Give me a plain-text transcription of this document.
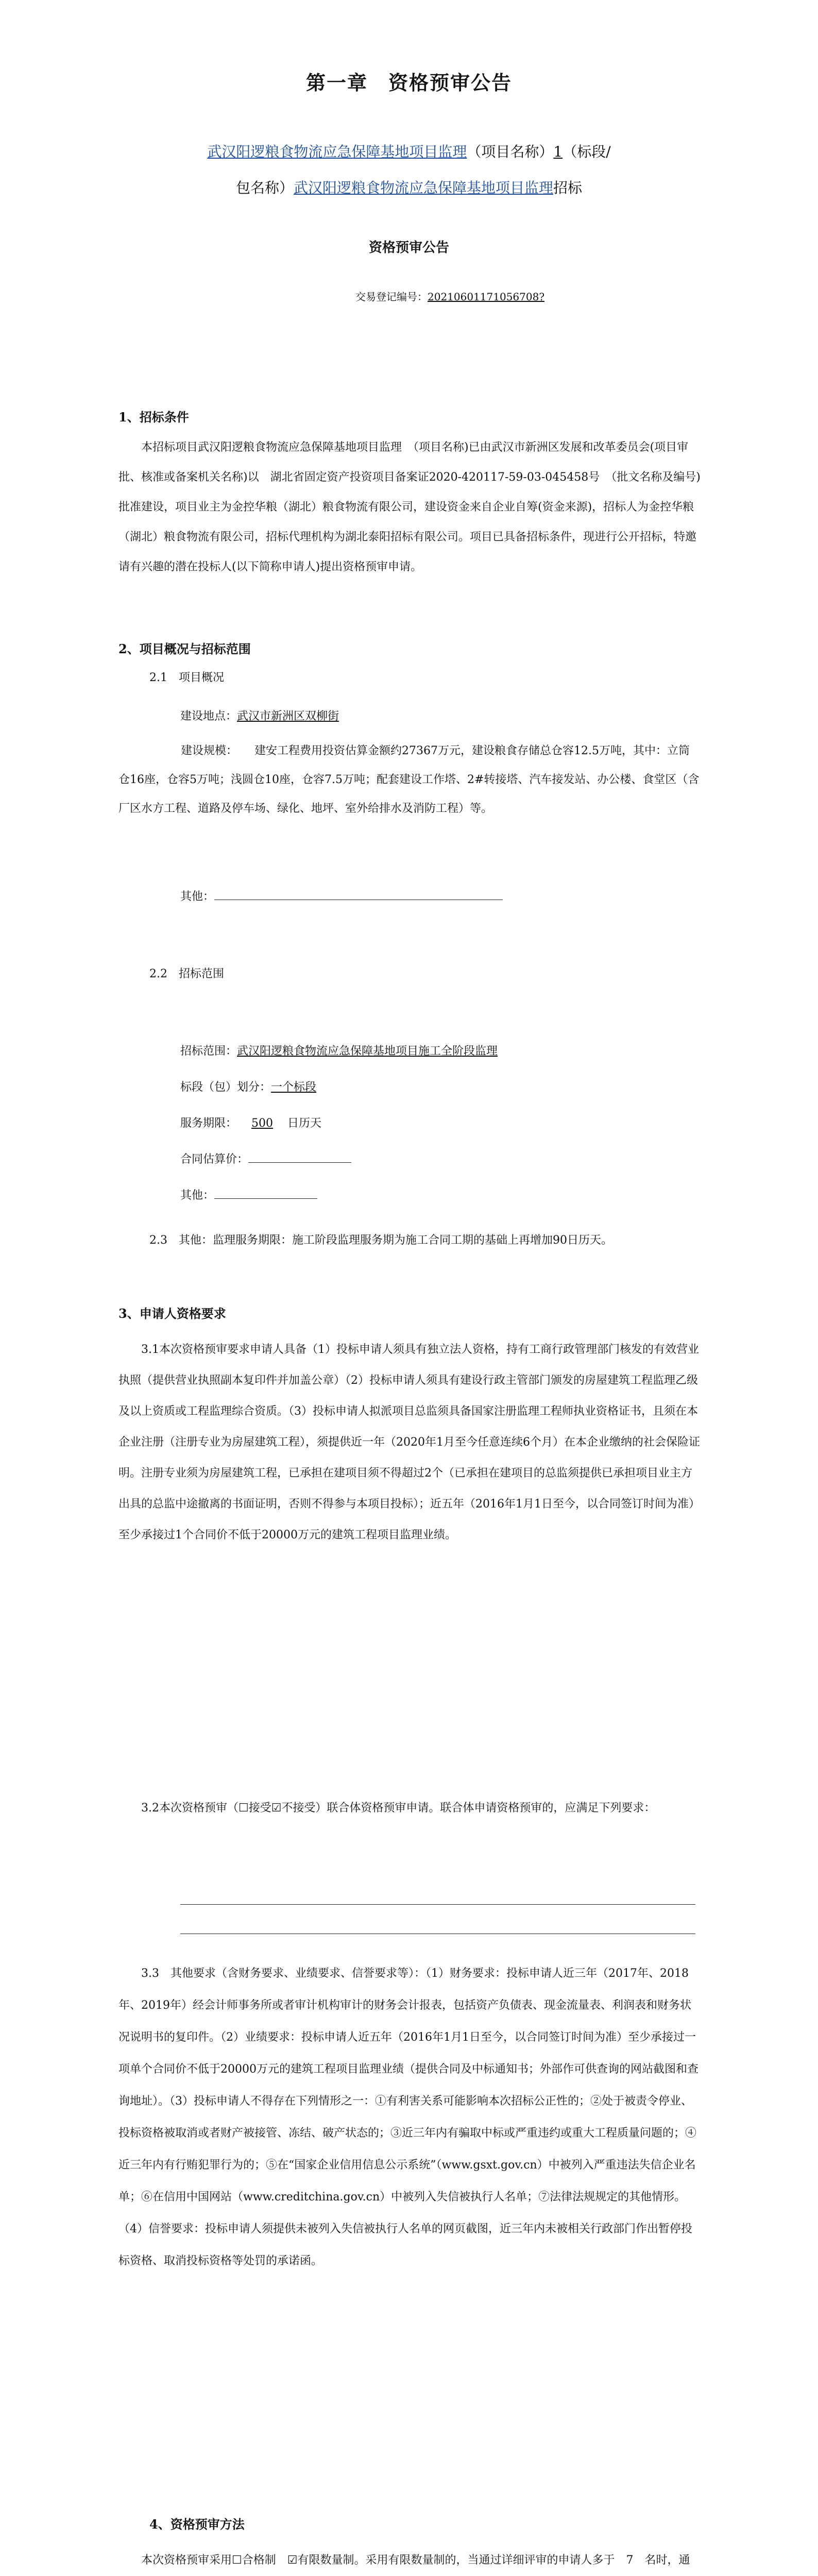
第一章　资格预审公告
武汉阳逻粮食物流应急保障基地项目监理（项目名称）1（标段/
包名称）武汉阳逻粮食物流应急保障基地项目监理招标
资格预审公告
交易登记编号：20210601171056708?
1、招标条件
本招标项目武汉阳逻粮食物流应急保障基地项目监理　（项目名称)已由武汉市新洲区发展和改革委员会(项目审批、核准或备案机关名称)以　湖北省固定资产投资项目备案证2020-420117-59-03-045458号　（批文名称及编号)批准建设，项目业主为金控华粮（湖北）粮食物流有限公司，建设资金来自企业自筹(资金来源)，招标人为金控华粮（湖北）粮食物流有限公司，招标代理机构为湖北泰阳招标有限公司。项目已具备招标条件，现进行公开招标，特邀请有兴趣的潜在投标人(以下简称申请人)提出资格预审申请。
2、项目概况与招标范围
2.1　项目概况
建设地点：武汉市新洲区双柳街
建设规模：　　建安工程费用投资估算金额约27367万元，建设粮食存储总仓容12.5万吨，其中：立筒仓16座，仓容5万吨；浅圆仓10座，仓容7.5万吨；配套建设工作塔、2#转接塔、汽车接发站、办公楼、食堂区（含厂区水方工程、道路及停车场、绿化、地坪、室外给排水及消防工程）等。
其他：
2.2　招标范围
招标范围：武汉阳逻粮食物流应急保障基地项目施工全阶段监理
标段（包）划分：一个标段
服务期限： 500 日历天
合同估算价：
其他：
2.3　其他：监理服务期限：施工阶段监理服务期为施工合同工期的基础上再增加90日历天。
3、申请人资格要求
3.1本次资格预审要求申请人具备（1）投标申请人须具有独立法人资格，持有工商行政管理部门核发的有效营业执照（提供营业执照副本复印件并加盖公章）（2）投标申请人须具有建设行政主管部门颁发的房屋建筑工程监理乙级及以上资质或工程监理综合资质。（3）投标申请人拟派项目总监须具备国家注册监理工程师执业资格证书，且须在本企业注册（注册专业为房屋建筑工程），须提供近一年（2020年1月至今任意连续6个月）在本企业缴纳的社会保险证明。注册专业须为房屋建筑工程，已承担在建项目须不得超过2个（已承担在建项目的总监须提供已承担项目业主方出具的总监中途撤离的书面证明，否则不得参与本项目投标）；近五年（2016年1月1日至今，以合同签订时间为准）至少承接过1个合同价不低于20000万元的建筑工程项目监理业绩。
3.2本次资格预审（☐接受☑不接受）联合体资格预审申请。联合体申请资格预审的，应满足下列要求：
3.3　其他要求（含财务要求、业绩要求、信誉要求等）：（1）财务要求：投标申请人近三年（2017年、2018年、2019年）经会计师事务所或者审计机构审计的财务会计报表，包括资产负债表、现金流量表、利润表和财务状况说明书的复印件。（2）业绩要求：投标申请人近五年（2016年1月1日至今，以合同签订时间为准）至少承接过一项单个合同价不低于20000万元的建筑工程项目监理业绩（提供合同及中标通知书；外部作可供查询的网站截图和查询地址）。（3）投标申请人不得存在下列情形之一：①有利害关系可能影响本次招标公正性的；②处于被责令停业、投标资格被取消或者财产被接管、冻结、破产状态的；③近三年内有骗取中标或严重违约或重大工程质量问题的；④近三年内有行贿犯罪行为的；⑤在“国家企业信用信息公示系统”（www.gsxt.gov.cn）中被列入严重违法失信企业名单；⑥在信用中国网站（www.creditchina.gov.cn）中被列入失信被执行人名单；⑦法律法规规定的其他情形。（4）信誉要求：投标申请人须提供未被列入失信被执行人名单的网页截图，近三年内未被相关行政部门作出暂停投标资格、取消投标资格等处罚的承诺函。
4、资格预审方法
本次资格预审采用☐合格制　☑有限数量制。采用有限数量制的，当通过详细评审的申请人多于　7　名时，通　　
